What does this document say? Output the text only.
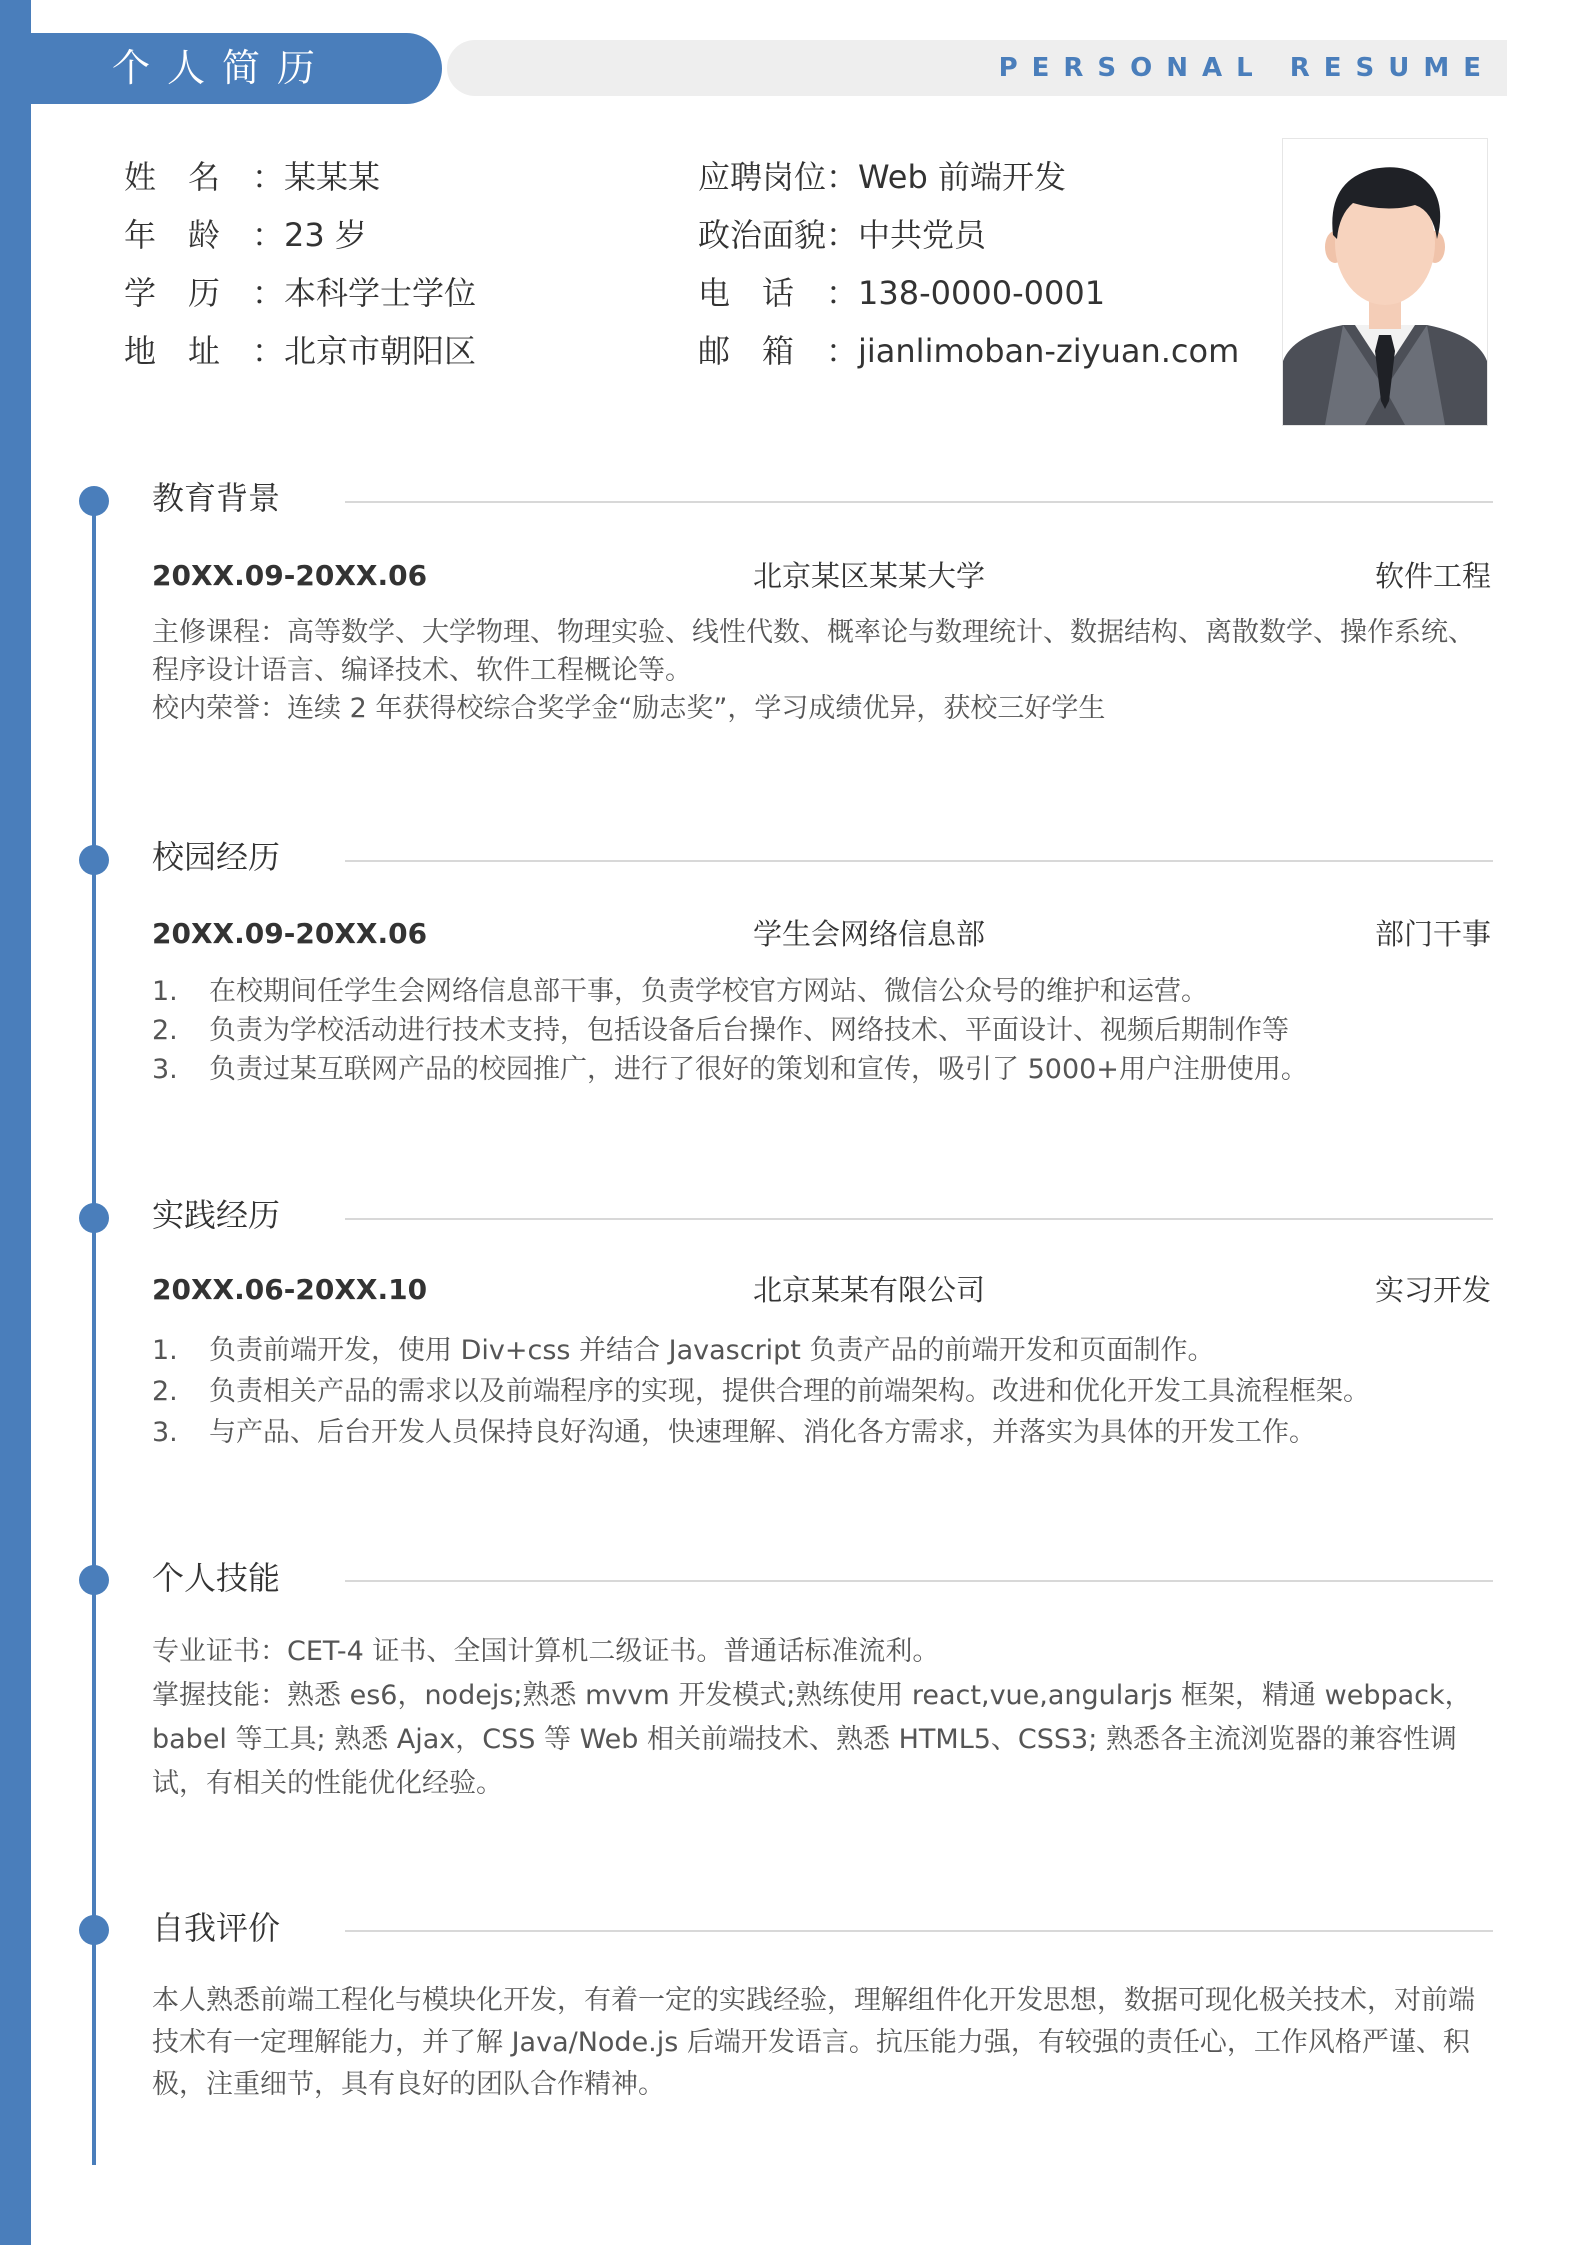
个人简历	PERSONAL RESUME
姓名：某某某
年龄：23 岁
学历：本科学士学位
地址：北京市朝阳区
应聘岗位：Web 前端开发
政治面貌：中共党员
电话：138-0000-0001
邮箱：jianlimoban-ziyuan.com
教育背景
20XX.09-20XX.06	北京某区某某大学	软件工程
主修课程：高等数学、大学物理、物理实验、线性代数、概率论与数理统计、数据结构、离散数学、操作系统、程序设计语言、编译技术、软件工程概论等。
校内荣誉：连续 2 年获得校综合奖学金“励志奖”，学习成绩优异，获校三好学生
校园经历
20XX.09-20XX.06	学生会网络信息部	部门干事
1. 在校期间任学生会网络信息部干事，负责学校官方网站、微信公众号的维护和运营。
2. 负责为学校活动进行技术支持，包括设备后台操作、网络技术、平面设计、视频后期制作等
3. 负责过某互联网产品的校园推广，进行了很好的策划和宣传，吸引了 5000+用户注册使用。
实践经历
20XX.06-20XX.10	北京某某有限公司	实习开发
1. 负责前端开发，使用 Div+css 并结合 Javascript 负责产品的前端开发和页面制作。
2. 负责相关产品的需求以及前端程序的实现，提供合理的前端架构。改进和优化开发工具流程框架。
3. 与产品、后台开发人员保持良好沟通，快速理解、消化各方需求，并落实为具体的开发工作。
个人技能
专业证书：CET-4 证书、全国计算机二级证书。普通话标准流利。
掌握技能：熟悉 es6，nodejs;熟悉 mvvm 开发模式;熟练使用 react,vue,angularjs 框架，精通 webpack，babel 等工具; 熟悉 Ajax，CSS 等 Web 相关前端技术、熟悉 HTML5、CSS3; 熟悉各主流浏览器的兼容性调试，有相关的性能优化经验。
自我评价
本人熟悉前端工程化与模块化开发，有着一定的实践经验，理解组件化开发思想，数据可现化极关技术，对前端技术有一定理解能力，并了解 Java/Node.js 后端开发语言。抗压能力强，有较强的责任心，工作风格严谨、积极，注重细节，具有良好的团队合作精神。
